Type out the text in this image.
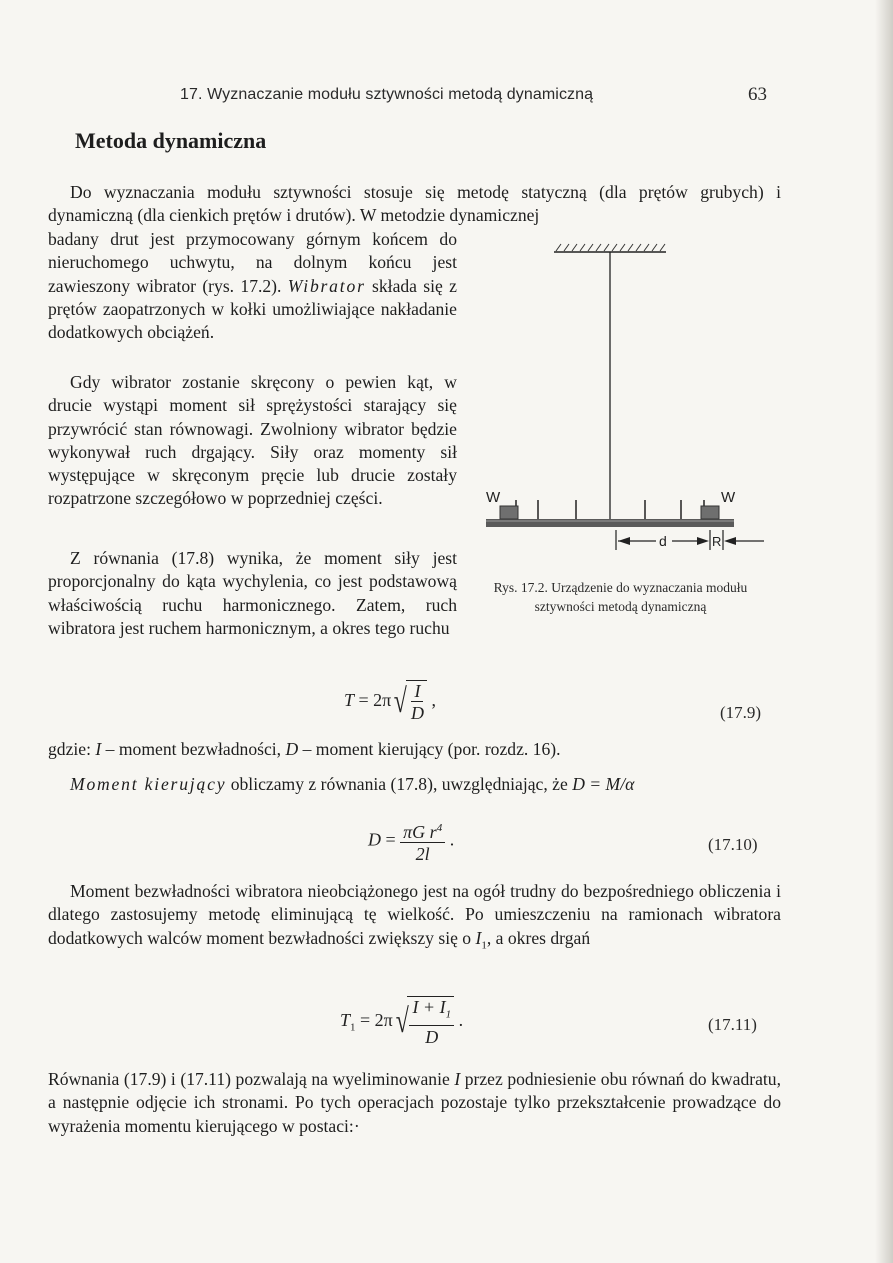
17. Wyznaczanie modułu sztywności metodą dynamiczną	63
Metoda dynamiczna

Do wyznaczania modułu sztywności stosuje się metodę statyczną (dla prętów grubych) i dynamiczną (dla cienkich prętów i drutów). W metodzie dynamicznej

badany drut jest przymocowany górnym końcem do nieruchomego uchwytu, na dolnym końcu jest zawieszony wibrator (rys. 17.2). Wibrator składa się z prętów zaopatrzonych w kołki umożliwiające nakładanie dodatkowych obciążeń.

Gdy wibrator zostanie skręcony o pewien kąt, w drucie wystąpi moment sił sprężystości starający się przywrócić stan równowagi. Zwolniony wibrator będzie wykonywał ruch drgający. Siły oraz momenty sił występujące w skręconym pręcie lub drucie zostały rozpatrzone szczegółowo w poprzedniej części.

Z równania (17.8) wynika, że moment siły jest proporcjonalny do kąta wychylenia, co jest podstawową właściwością ruchu harmonicznego. Zatem, ruch wibratora jest ruchem harmonicznym, a okres tego ruchu

W	W
d	R
Rys. 17.2. Urządzenie do wyznaczania modułu sztywności metodą dynamiczną
T = 2π √ $\frac{I}{D}$ ,
(17.9)

gdzie: I – moment bezwładności, D – moment kierujący (por. rozdz. 16).

Moment kierujący obliczamy z równania (17.8), uwzględniając, że D = M/α

$D = \frac{\pi G r^4}{2l}$ .	(17.10)

Moment bezwładności wibratora nieobciążonego jest na ogół trudny do bezpośredniego obliczenia i dlatego zastosujemy metodę eliminującą tę wielkość. Po umieszczeniu na ramionach wibratora dodatkowych walców moment bezwładności zwiększy się o $I_1$, a okres drgań

$T_1 = 2\pi$ √ $\frac{I + I_1}{D}$ .	(17.11)

Równania (17.9) i (17.11) pozwalają na wyeliminowanie I przez podniesienie obu równań do kwadratu, a następnie odjęcie ich stronami. Po tych operacjach pozostaje tylko przekształcenie prowadzące do wyrażenia momentu kierującego w postaci:·
